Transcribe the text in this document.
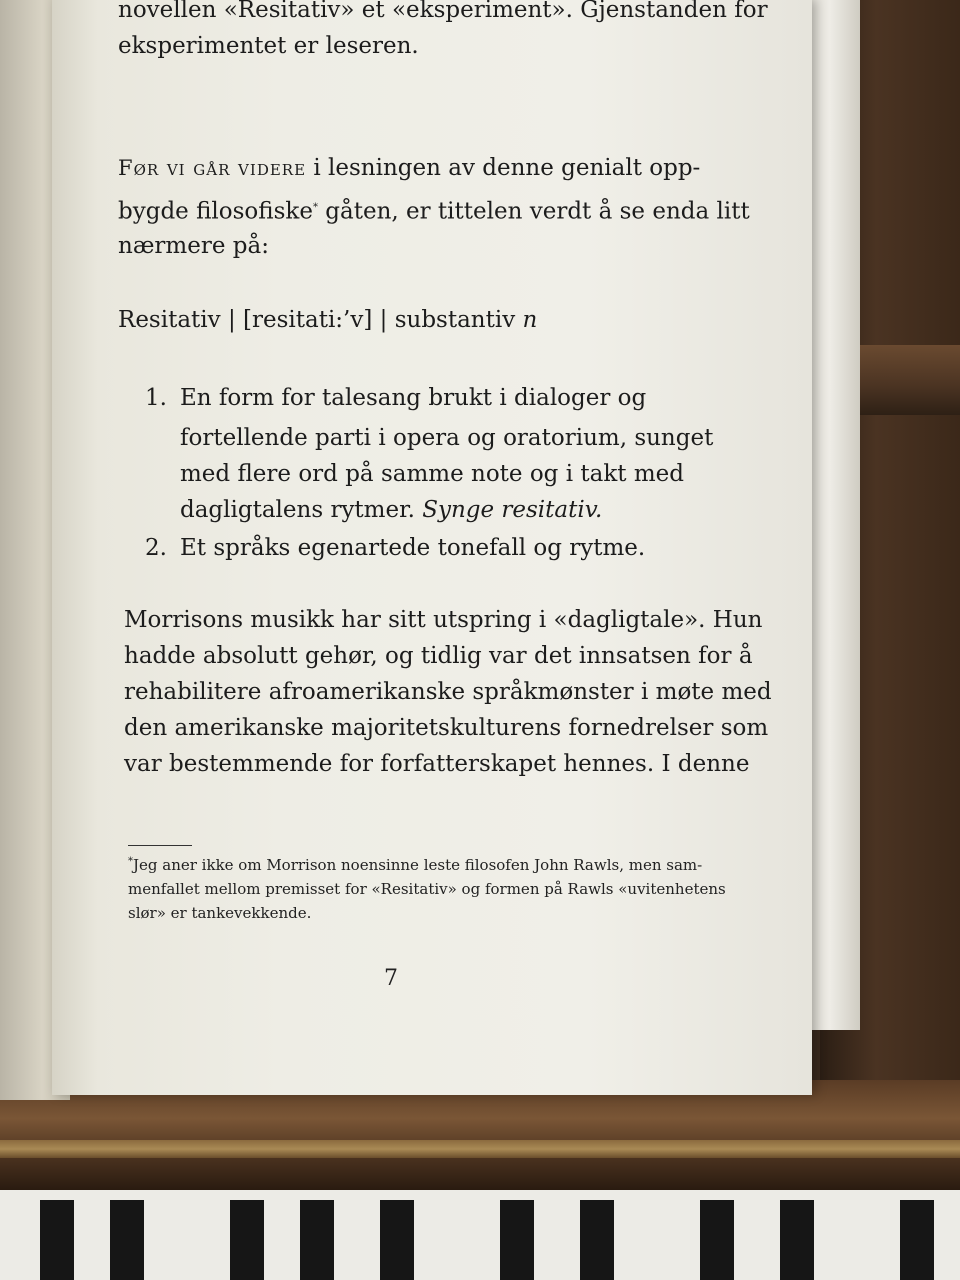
novellen «Resitativ» et «eksperiment». Gjenstanden for
eksperimentet er leseren.
Før vi går videre i lesningen av denne genialt opp-
bygde filosofiske* gåten, er tittelen verdt å se enda litt
nærmere på:
Resitativ | [resitati:’v] | substantiv n
1. En form for talesang brukt i dialoger og
fortellende parti i opera og oratorium, sunget
med flere ord på samme note og i takt med
dagligtalens rytmer. Synge resitativ.
2. Et språks egenartede tonefall og rytme.
Morrisons musikk har sitt utspring i «dagligtale». Hun
hadde absolutt gehør, og tidlig var det innsatsen for å
rehabilitere afroamerikanske språkmønster i møte med
den amerikanske majoritetskulturens fornedrelser som
var bestemmende for forfatterskapet hennes. I denne
*Jeg aner ikke om Morrison noensinne leste filosofen John Rawls, men sam-
menfallet mellom premisset for «Resitativ» og formen på Rawls «uvitenhetens
slør» er tankevekkende.
7
